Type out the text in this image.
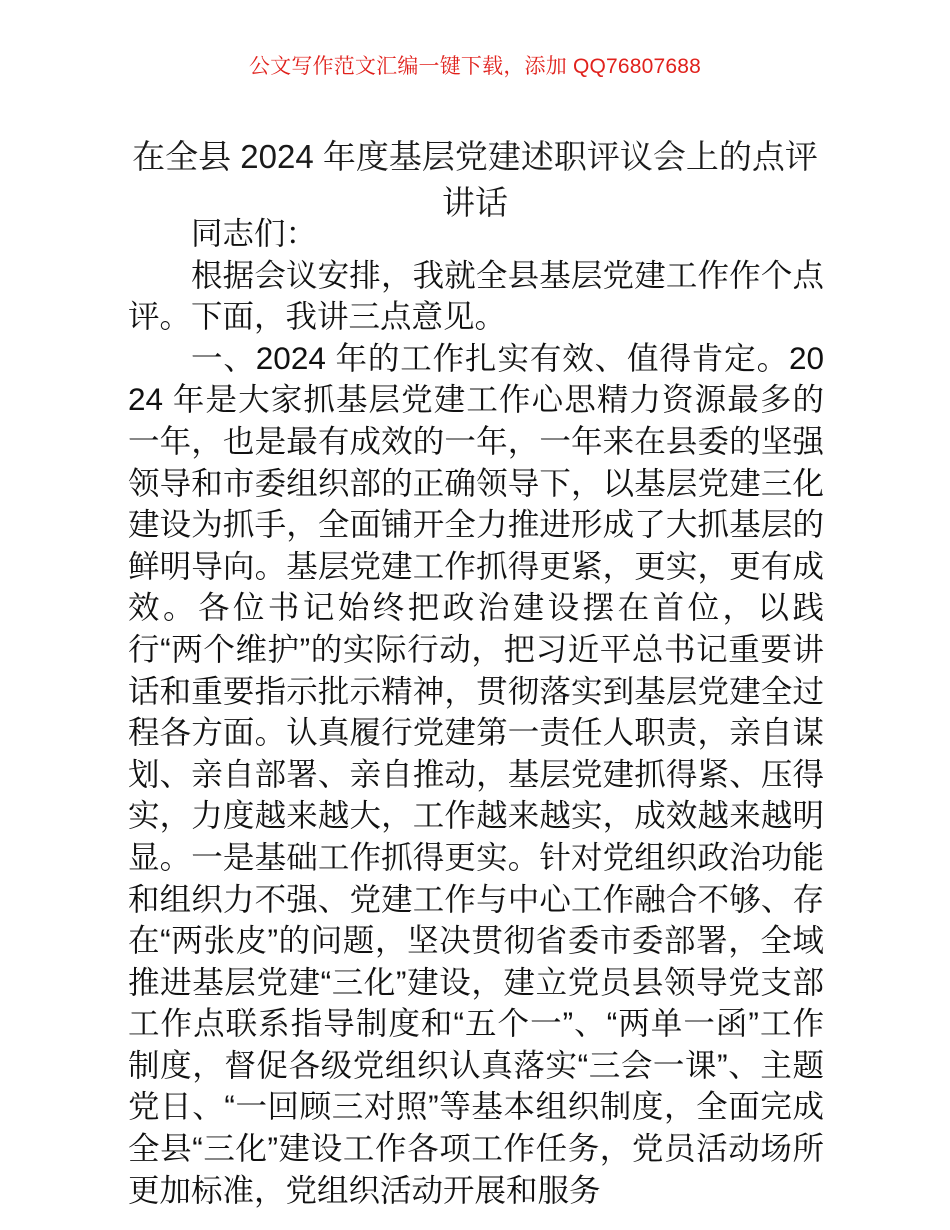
公文写作范文汇编一键下载，添加 QQ76807688
在全县 2024 年度基层党建述职评议会上的点评讲话

同志们：

根据会议安排，我就全县基层党建工作作个点评。下面，我讲三点意见。

一、2024 年的工作扎实有效、值得肯定。2024 年是大家抓基层党建工作心思精力资源最多的一年，也是最有成效的一年，一年来在县委的坚强领导和市委组织部的正确领导下，以基层党建三化建设为抓手，全面铺开全力推进形成了大抓基层的鲜明导向。基层党建工作抓得更紧，更实，更有成效。各位书记始终把政治建设摆在首位，以践行“两个维护”的实际行动，把习近平总书记重要讲话和重要指示批示精神，贯彻落实到基层党建全过程各方面。认真履行党建第一责任人职责，亲自谋划、亲自部署、亲自推动，基层党建抓得紧、压得实，力度越来越大，工作越来越实，成效越来越明显。一是基础工作抓得更实。针对党组织政治功能和组织力不强、党建工作与中心工作融合不够、存在“两张皮”的问题，坚决贯彻省委市委部署，全域推进基层党建“三化”建设，建立党员县领导党支部工作点联系指导制度和“五个一”、“两单一函”工作制度，督促各级党组织认真落实“三会一课”、主题党日、“一回顾三对照”等基本组织制度，全面完成全县“三化”建设工作各项工作任务，党员活动场所更加标准，党组织活动开展和服务
